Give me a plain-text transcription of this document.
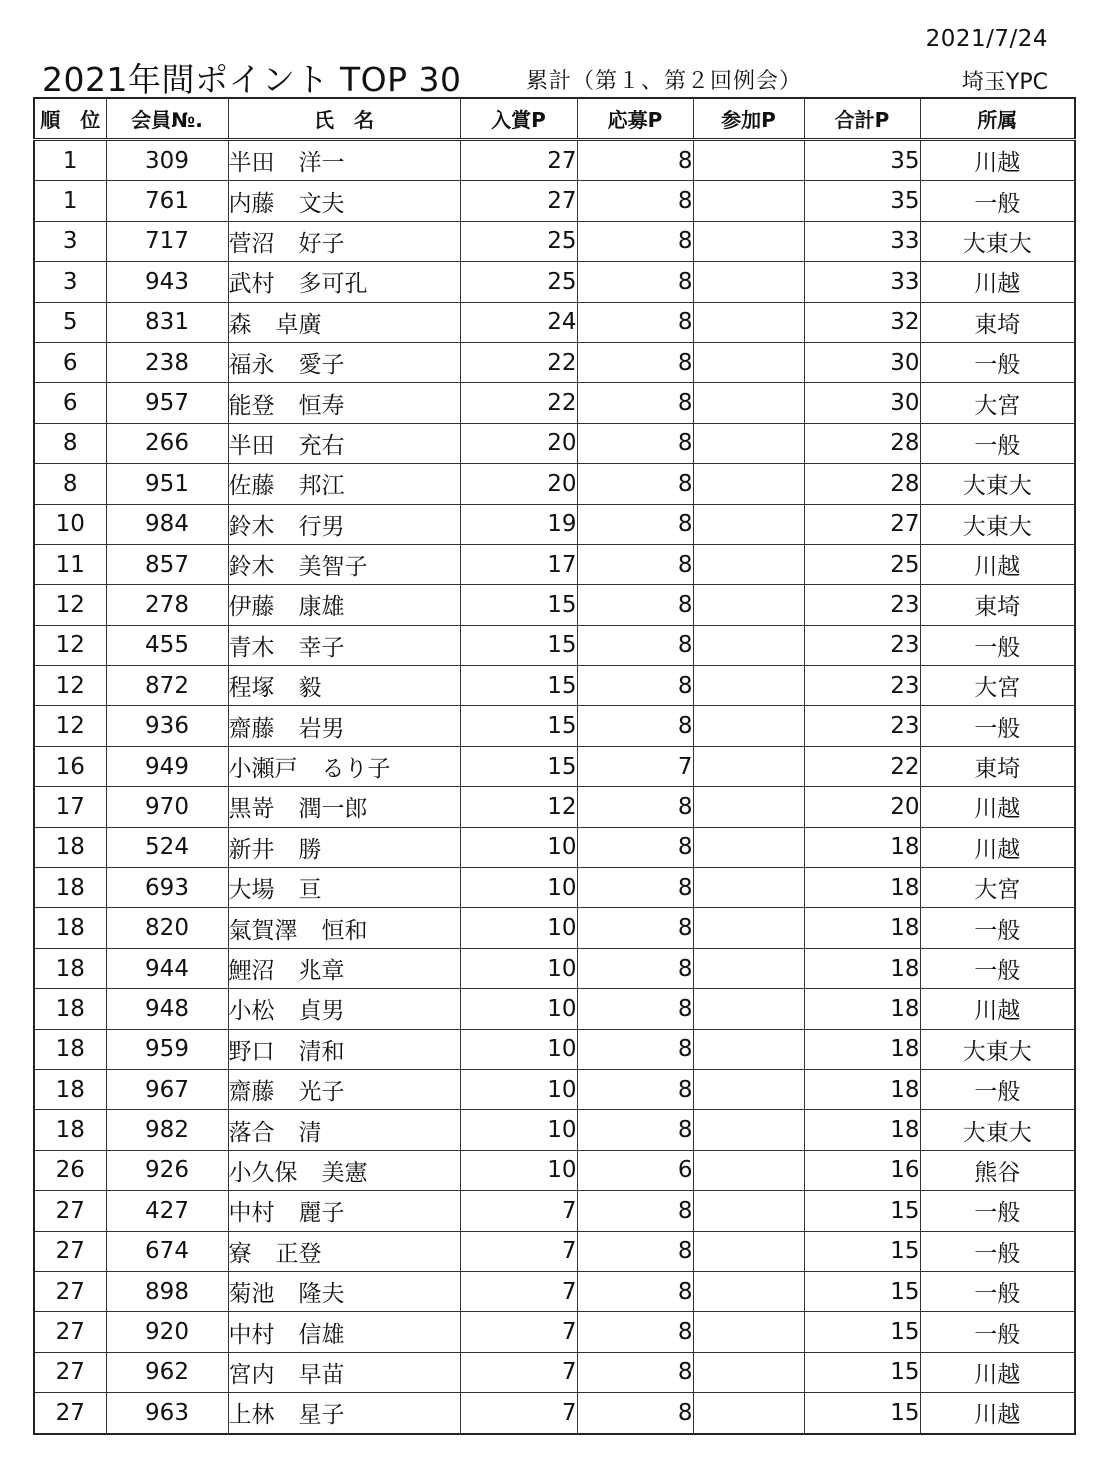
2021/7/24
2021年間ポイント TOP 30	累計（第１、第２回例会）	埼玉YPC
順　位	会員№.	氏　名	入賞P	応募P	参加P	合計P	所属
1	309	半田 洋一	27	8		35	川越
1	761	内藤 文夫	27	8		35	一般
3	717	菅沼 好子	25	8		33	大東大
3	943	武村 多可孔	25	8		33	川越
5	831	森 卓廣	24	8		32	東埼
6	238	福永 愛子	22	8		30	一般
6	957	能登 恒寿	22	8		30	大宮
8	266	半田 充右	20	8		28	一般
8	951	佐藤 邦江	20	8		28	大東大
10	984	鈴木 行男	19	8		27	大東大
11	857	鈴木 美智子	17	8		25	川越
12	278	伊藤 康雄	15	8		23	東埼
12	455	青木 幸子	15	8		23	一般
12	872	程塚 毅	15	8		23	大宮
12	936	齋藤 岩男	15	8		23	一般
16	949	小瀬戸 るり子	15	7		22	東埼
17	970	黒嵜 潤一郎	12	8		20	川越
18	524	新井 勝	10	8		18	川越
18	693	大場 亘	10	8		18	大宮
18	820	氣賀澤 恒和	10	8		18	一般
18	944	鯉沼 兆章	10	8		18	一般
18	948	小松 貞男	10	8		18	川越
18	959	野口 清和	10	8		18	大東大
18	967	齋藤 光子	10	8		18	一般
18	982	落合 清	10	8		18	大東大
26	926	小久保 美憲	10	6		16	熊谷
27	427	中村 麗子	7	8		15	一般
27	674	寮 正登	7	8		15	一般
27	898	菊池 隆夫	7	8		15	一般
27	920	中村 信雄	7	8		15	一般
27	962	宮内 早苗	7	8		15	川越
27	963	上林 星子	7	8		15	川越
